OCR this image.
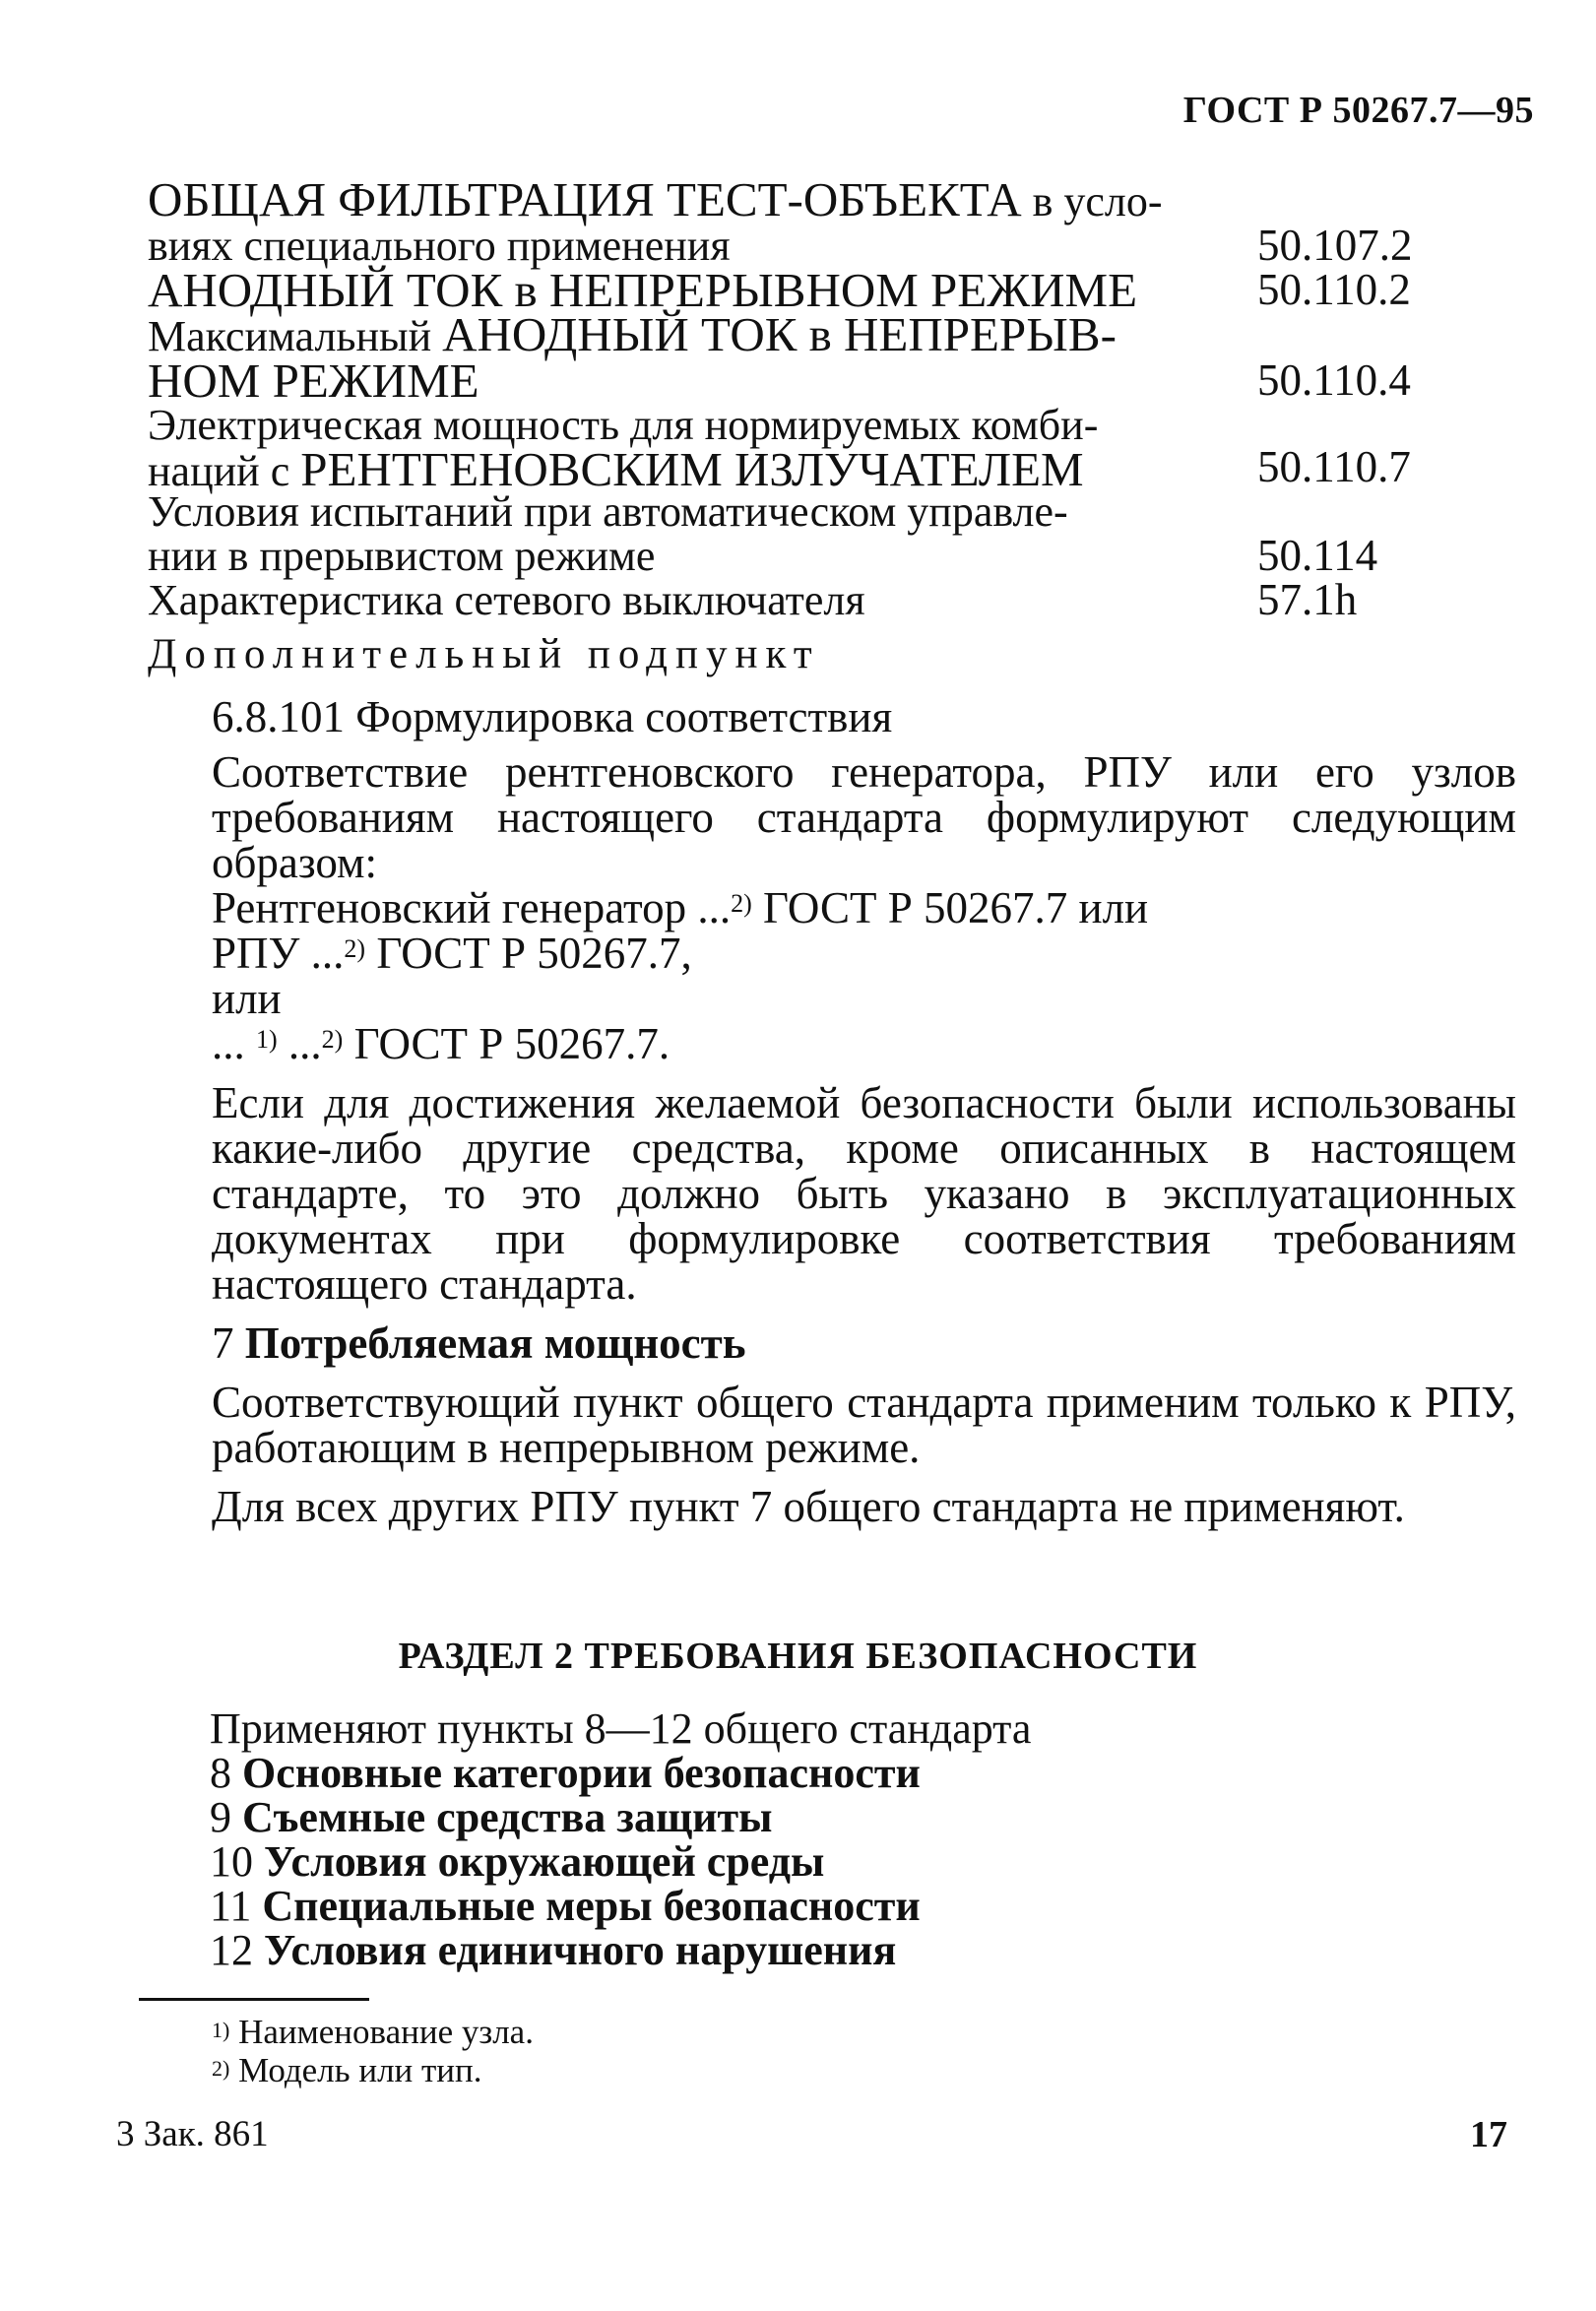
ГОСТ Р 50267.7—95
ОБЩАЯ ФИЛЬТРАЦИЯ ТЕСТ-ОБЪЕКТА в усло-
виях специального применения	50.107.2
АНОДНЫЙ ТОК в НЕПРЕРЫВНОМ РЕЖИМЕ	50.110.2
Максимальный АНОДНЫЙ ТОК в НЕПРЕРЫВ-
НОМ РЕЖИМЕ	50.110.4
Электрическая мощность для нормируемых комби-
наций с РЕНТГЕНОВСКИМ ИЗЛУЧАТЕЛЕМ	50.110.7
Условия испытаний при автоматическом управле-
нии в прерывистом режиме	50.114
Характеристика сетевого выключателя	57.1h
Дополнительный подпункт

6.8.101 Формулировка соответствия

Соответствие рентгеновского генератора, РПУ или его узлов требованиям настоящего стандарта формулируют следующим образом:

Рентгеновский генератор ...$^{2)}$ ГОСТ Р 50267.7 или
РПУ ...$^{2)}$ ГОСТ Р 50267.7,
или
... $^{1)}$ ...$^{2)}$ ГОСТ Р 50267.7.

Если для достижения желаемой безопасности были использованы какие-либо другие средства, кроме описанных в настоящем стандарте, то это должно быть указано в эксплуатационных документах при формулировке соответствия требованиям настоящего стандарта.

7 Потребляемая мощность

Соответствующий пункт общего стандарта применим только к РПУ, работающим в непрерывном режиме.

Для всех других РПУ пункт 7 общего стандарта не применяют.

РАЗДЕЛ 2 ТРЕБОВАНИЯ БЕЗОПАСНОСТИ
Применяют пункты 8—12 общего стандарта
8 Основные категории безопасности
9 Съемные средства защиты
10 Условия окружающей среды
11 Специальные меры безопасности
12 Условия единичного нарушения
$^{1)}$ Наименование узла.
$^{2)}$ Модель или тип.
3 Зак. 861	17
